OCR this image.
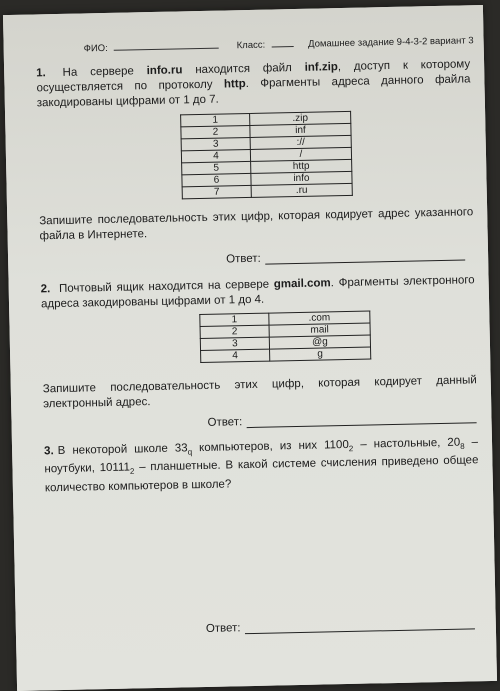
ФИО:	Класс:	Домашнее задание 9-4-3-2 вариант 3
1. На сервере info.ru находится файл inf.zip, доступ к которому осуществляется по протоколу http. Фрагменты адреса данного файла закодированы цифрами от 1 до 7.
1	.zip
2	inf
3	://
4	/
5	http
6	info
7	.ru
Запишите последовательность этих цифр, которая кодирует адрес указанного файла в Интернете.
Ответ:
2. Почтовый ящик находится на сервере gmail.com. Фрагменты электронного адреса закодированы цифрами от 1 до 4.
1	.com
2	mail
3	@g
4	g
Запишите последовательность этих цифр, которая кодирует данный электронный адрес.
Ответ:
3. В некоторой школе $33_q$ компьютеров, из них $1100_2$ – настольные, $20_8$ – ноутбуки, $10111_2$ – планшетные. В какой системе счисления приведено общее количество компьютеров в школе?
Ответ:
